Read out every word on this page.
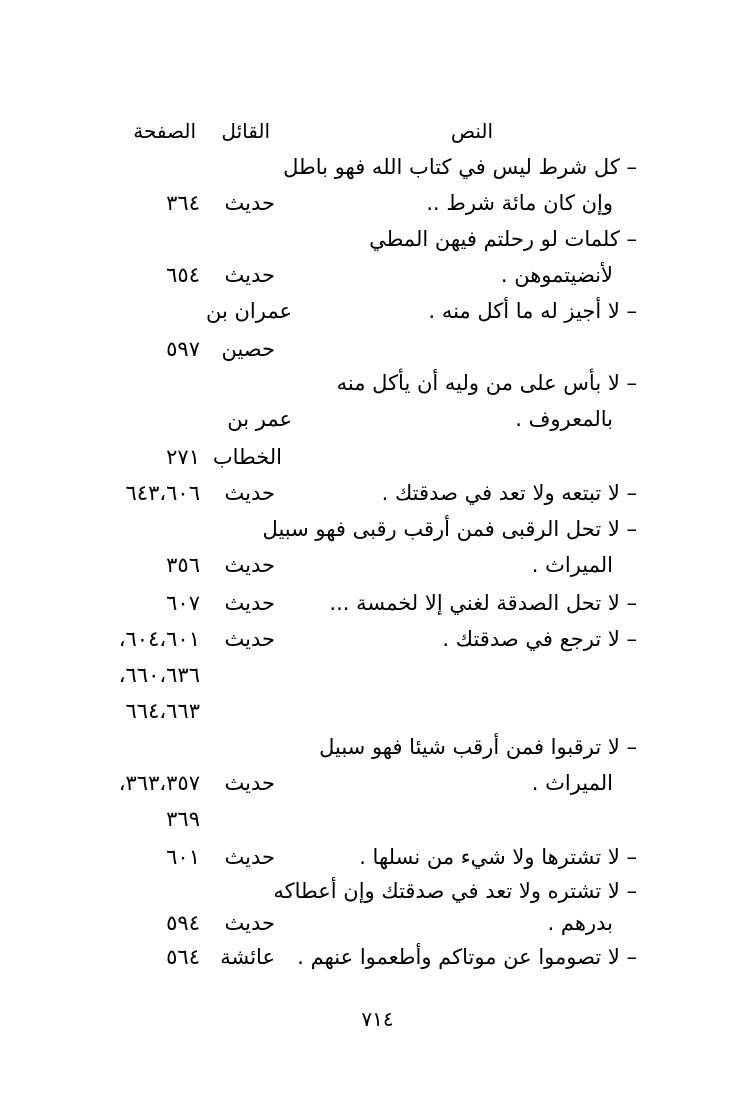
النص
القائل
الصفحة
– كل شرط ليس في كتاب الله فهو باطل
وإن كان مائة شرط ..
حديث
٣٦٤
– كلمات لو رحلتم فيهن المطي
لأنضيتموهن .
حديث
٦٥٤
– لا أجيز له ما أكل منه .
عمران بن
حصين
٥٩٧
– لا بأس على من وليه أن يأكل منه
بالمعروف .
عمر بن
الخطاب
٢٧١
– لا تبتعه ولا تعد في صدقتك .
حديث
٦٤٣،٦٠٦
– لا تحل الرقبى فمن أرقب رقبى فهو سبيل
الميراث .
حديث
٣٥٦
– لا تحل الصدقة لغني إلا لخمسة ...
حديث
٦٠٧
– لا ترجع في صدقتك .
حديث
٦٠٤،٦٠١،
٦٦٠،٦٣٦،
٦٦٤،٦٦٣
– لا ترقبوا فمن أرقب شيئا فهو سبيل
الميراث .
حديث
٣٦٣،٣٥٧،
٣٦٩
– لا تشترها ولا شيء من نسلها .
حديث
٦٠١
– لا تشتره ولا تعد في صدقتك وإن أعطاكه
بدرهم .
حديث
٥٩٤
– لا تصوموا عن موتاكم وأطعموا عنهم .
عائشة
٥٦٤
٧١٤
